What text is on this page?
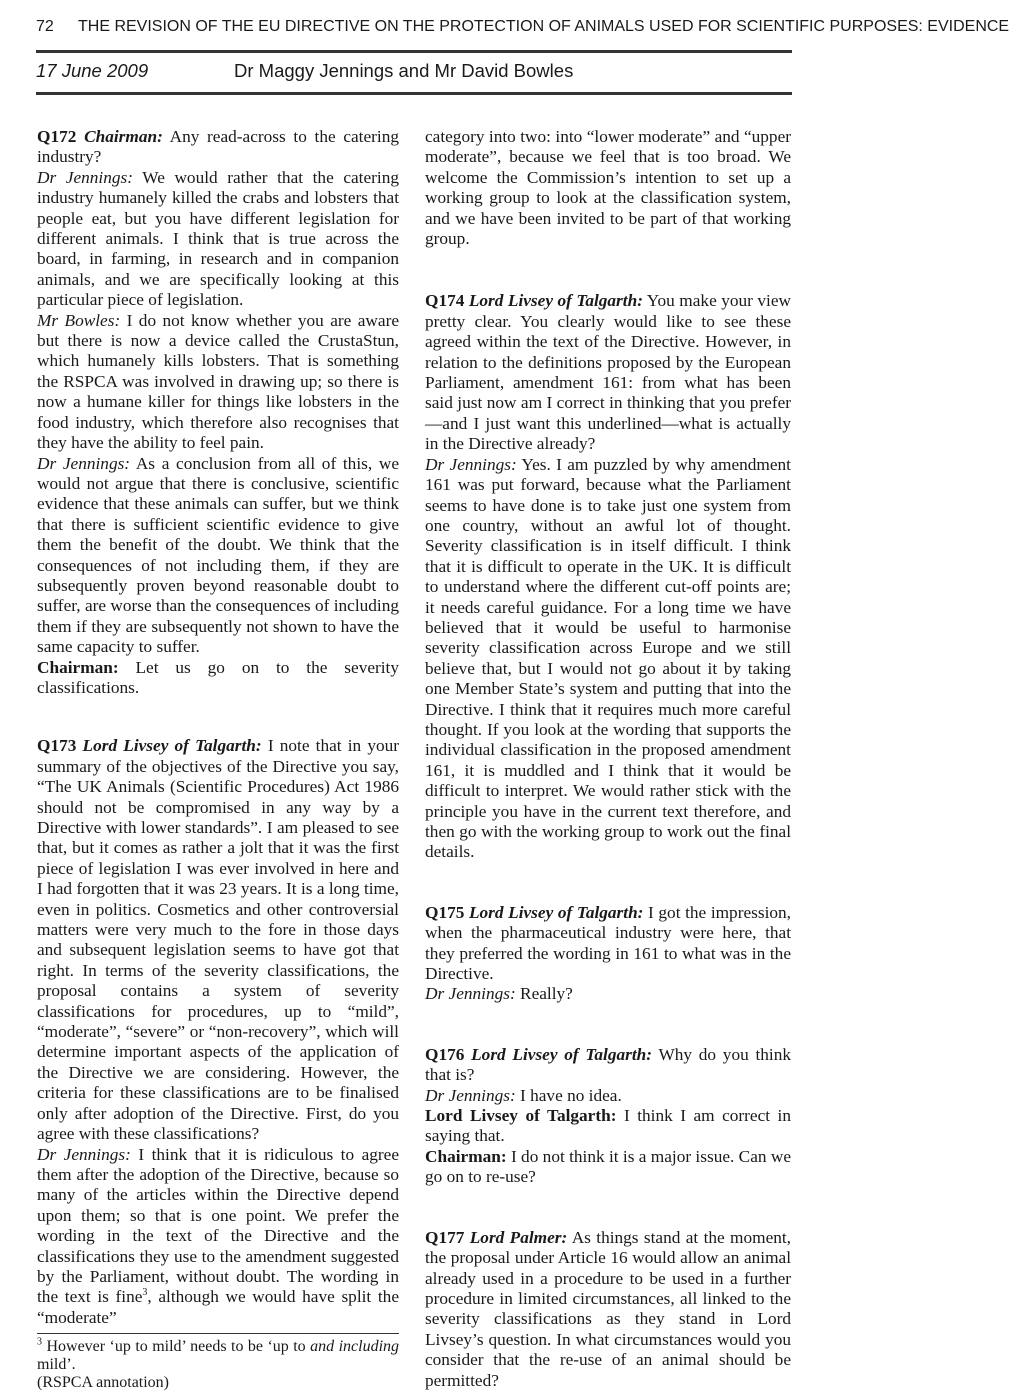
72 THE REVISION OF THE EU DIRECTIVE ON THE PROTECTION OF ANIMALS USED FOR SCIENTIFIC PURPOSES: EVIDENCE
17 June 2009	Dr Maggy Jennings and Mr David Bowles

Q172 Chairman: Any read-across to the catering industry?

Dr Jennings: We would rather that the catering industry humanely killed the crabs and lobsters that people eat, but you have different legislation for different animals. I think that is true across the board, in farming, in research and in companion animals, and we are specifically looking at this particular piece of legislation.

Mr Bowles: I do not know whether you are aware but there is now a device called the CrustaStun, which humanely kills lobsters. That is something the RSPCA was involved in drawing up; so there is now a humane killer for things like lobsters in the food industry, which therefore also recognises that they have the ability to feel pain.

Dr Jennings: As a conclusion from all of this, we would not argue that there is conclusive, scientific evidence that these animals can suffer, but we think that there is sufficient scientific evidence to give them the benefit of the doubt. We think that the consequences of not including them, if they are subsequently proven beyond reasonable doubt to suffer, are worse than the consequences of including them if they are subsequently not shown to have the same capacity to suffer.

Chairman: Let us go on to the severity classifications.

Q173 Lord Livsey of Talgarth: I note that in your summary of the objectives of the Directive you say, “The UK Animals (Scientific Procedures) Act 1986 should not be compromised in any way by a Directive with lower standards”. I am pleased to see that, but it comes as rather a jolt that it was the first piece of legislation I was ever involved in here and I had forgotten that it was 23 years. It is a long time, even in politics. Cosmetics and other controversial matters were very much to the fore in those days and subsequent legislation seems to have got that right. In terms of the severity classifications, the proposal contains a system of severity classifications for procedures, up to “mild”, “moderate”, “severe” or “non-recovery”, which will determine important aspects of the application of the Directive we are considering. However, the criteria for these classifications are to be finalised only after adoption of the Directive. First, do you agree with these classifications?

Dr Jennings: I think that it is ridiculous to agree them after the adoption of the Directive, because so many of the articles within the Directive depend upon them; so that is one point. We prefer the wording in the text of the Directive and the classifications they use to the amendment suggested by the Parliament, without doubt. The wording in the text is fine$^3$, although we would have split the “moderate”

$^3$ However ‘up to mild’ needs to be ‘up to and including mild’.
(RSPCA annotation)

category into two: into “lower moderate” and “upper moderate”, because we feel that is too broad. We welcome the Commission’s intention to set up a working group to look at the classification system, and we have been invited to be part of that working group.

Q174 Lord Livsey of Talgarth: You make your view pretty clear. You clearly would like to see these agreed within the text of the Directive. However, in relation to the definitions proposed by the European Parliament, amendment 161: from what has been said just now am I correct in thinking that you prefer—and I just want this underlined—what is actually in the Directive already?

Dr Jennings: Yes. I am puzzled by why amendment 161 was put forward, because what the Parliament seems to have done is to take just one system from one country, without an awful lot of thought. Severity classification is in itself difficult. I think that it is difficult to operate in the UK. It is difficult to understand where the different cut-off points are; it needs careful guidance. For a long time we have believed that it would be useful to harmonise severity classification across Europe and we still believe that, but I would not go about it by taking one Member State’s system and putting that into the Directive. I think that it requires much more careful thought. If you look at the wording that supports the individual classification in the proposed amendment 161, it is muddled and I think that it would be difficult to interpret. We would rather stick with the principle you have in the current text therefore, and then go with the working group to work out the final details.

Q175 Lord Livsey of Talgarth: I got the impression, when the pharmaceutical industry were here, that they preferred the wording in 161 to what was in the Directive.

Dr Jennings: Really?

Q176 Lord Livsey of Talgarth: Why do you think that is?

Dr Jennings: I have no idea.

Lord Livsey of Talgarth: I think I am correct in saying that.

Chairman: I do not think it is a major issue. Can we go on to re-use?

Q177 Lord Palmer: As things stand at the moment, the proposal under Article 16 would allow an animal already used in a procedure to be used in a further procedure in limited circumstances, all linked to the severity classifications as they stand in Lord Livsey’s question. In what circumstances would you consider that the re-use of an animal should be permitted?
